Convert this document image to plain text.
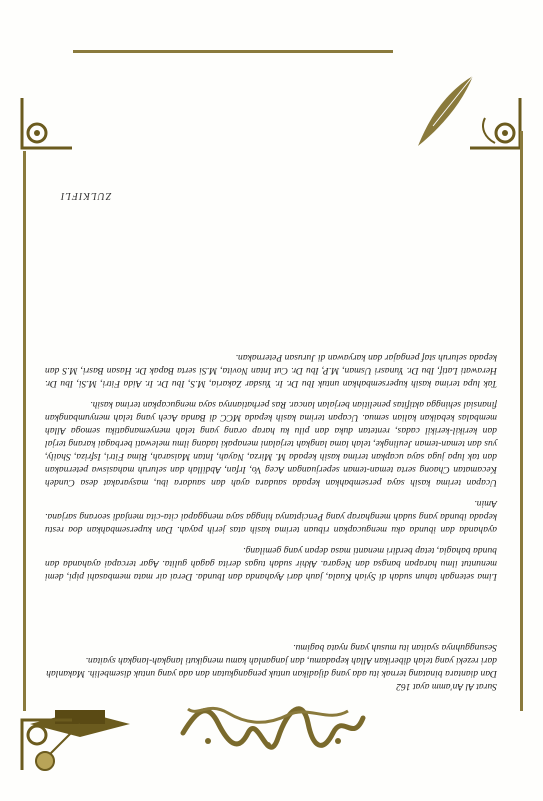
Surat Al An'amm ayat 162
Dan diantara binatang ternak itu ada yang dijadikan untuk pengangkutan dan ada yang untuk disembelih. Makanlah dari rezeki yang telah diberikan Allah kepadamu, dan janganlah kamu mengikuti langkah-langkah syaitan. Sesungguhnya syaitan itu musuh yang nyata bagimu.

Lima setengah tahun sudah di Syiah Kuala, jauh dari Ayahanda dan Ibunda. Derai air mata membasahi pipi, demi menuntut ilmu harapan bangsa dan Negara. Akhir sudah tugas derita gagah gulita. Agar tercapai ayahanda dan bunda bahagia, tetap berdiri menanti masa depan yang gemilang.

ayahanda dan ibunda aku mengucapkan ribuan terima kasih atas jerih payah. Dan kupersembahkan doa restu kepada ibunda yang sudah mengharap yang Penciptanya hingga saya menggapai cita-cita menjadi seorang sarjana. Amin.

Ucapan terima kasih saya persembahkan kepada saudara ayah dan saudara ibu, masyarakat desa Cundeh Kecamatan Chaong serta teman-teman seperjuangan Aceg Vo, Irfan, Abdillah dan seluruh mahasiswa peternakan dan tak lupa juga saya ucapkan terima kasih kepada M. Mirza, Nayah, Intan Maisarah, Rima Fitri, Isfriza, Shaily, yus dan teman-teman Jeulingke, telah lama langkah terjalani menapaki ladang ilmu melewati berbagai karang terjal dan kerikil-kerikil cadas, rentetan duka dan pilu ku harap orang yang telah menyemangatiku semoga Allah membalas kebaikan kalian semua. Ucapan terima kasih kepada MCC di Banda Aceh yang telah menyumbangkan finansial sehingga aktifitas penelitian berjalan lancar. Ras perhatiannya saya mengucapkan terima kasih.

Tak lupa terima kasih kupersembahkan untuk Ibu Dr. Ir. Yusdar Zakaria, M.S, Ibu Dr. Ir. Aida Fitri, M.Si, Ibu Dr. Herawati Latif, Ibu Dr. Yunasri Usman, M.P, Ibu Dr. Cut Intan Novita, M.Si serta Bapak Dr. Hasan Basri, M.S dan kepada seluruh staf pengajar dan karyawan di Jurusan Peternakan.

ZULKIFLI
